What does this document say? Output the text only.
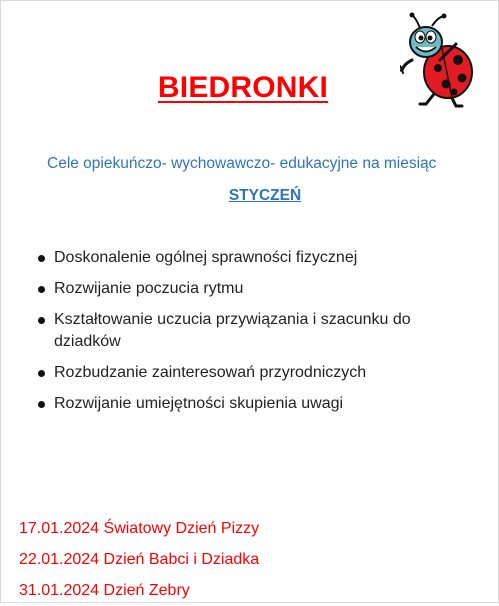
BIEDRONKI
Cele opiekuńczo- wychowawczo- edukacyjne na miesiąc
STYCZEŃ
Doskonalenie ogólnej sprawności fizycznej
Rozwijanie poczucia rytmu
Kształtowanie uczucia przywiązania i szacunku do dziadków
Rozbudzanie zainteresowań przyrodniczych
Rozwijanie umiejętności skupienia uwagi
17.01.2024 Światowy Dzień Pizzy
22.01.2024 Dzień Babci i Dziadka
31.01.2024 Dzień Zebry
